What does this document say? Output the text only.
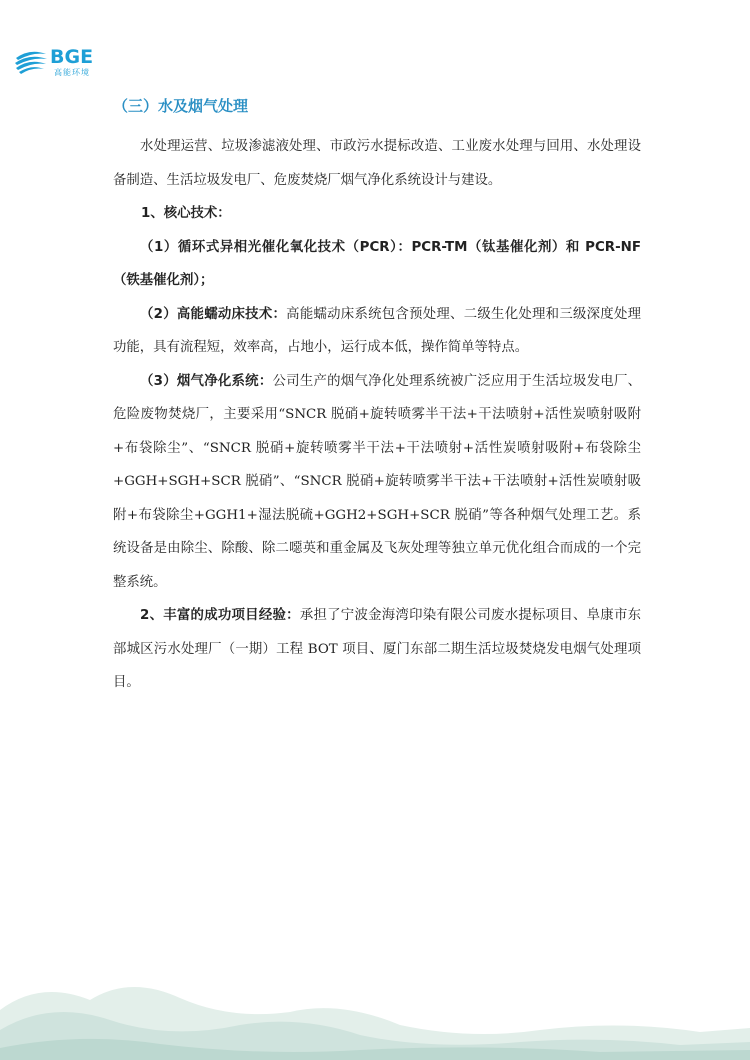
BGE
高能环境
（三）水及烟气处理

水处理运营、垃圾渗滤液处理、市政污水提标改造、工业废水处理与回用、水处理设备制造、生活垃圾发电厂、危废焚烧厂烟气净化系统设计与建设。

1、核心技术：

（1）循环式异相光催化氧化技术（PCR）：PCR-TM（钛基催化剂）和 PCR-NF（铁基催化剂）；

（2）高能蠕动床技术：高能蠕动床系统包含预处理、二级生化处理和三级深度处理功能，具有流程短，效率高，占地小，运行成本低，操作简单等特点。

（3）烟气净化系统：公司生产的烟气净化处理系统被广泛应用于生活垃圾发电厂、危险废物焚烧厂，主要采用“SNCR 脱硝+旋转喷雾半干法+干法喷射+活性炭喷射吸附+布袋除尘”、“SNCR 脱硝+旋转喷雾半干法+干法喷射+活性炭喷射吸附+布袋除尘+GGH+SGH+SCR 脱硝”、“SNCR 脱硝+旋转喷雾半干法+干法喷射+活性炭喷射吸附+布袋除尘+GGH1+湿法脱硫+GGH2+SGH+SCR 脱硝”等各种烟气处理工艺。系统设备是由除尘、除酸、除二噁英和重金属及飞灰处理等独立单元优化组合而成的一个完整系统。

2、丰富的成功项目经验：承担了宁波金海湾印染有限公司废水提标项目、阜康市东部城区污水处理厂（一期）工程 BOT 项目、厦门东部二期生活垃圾焚烧发电烟气处理项目。
